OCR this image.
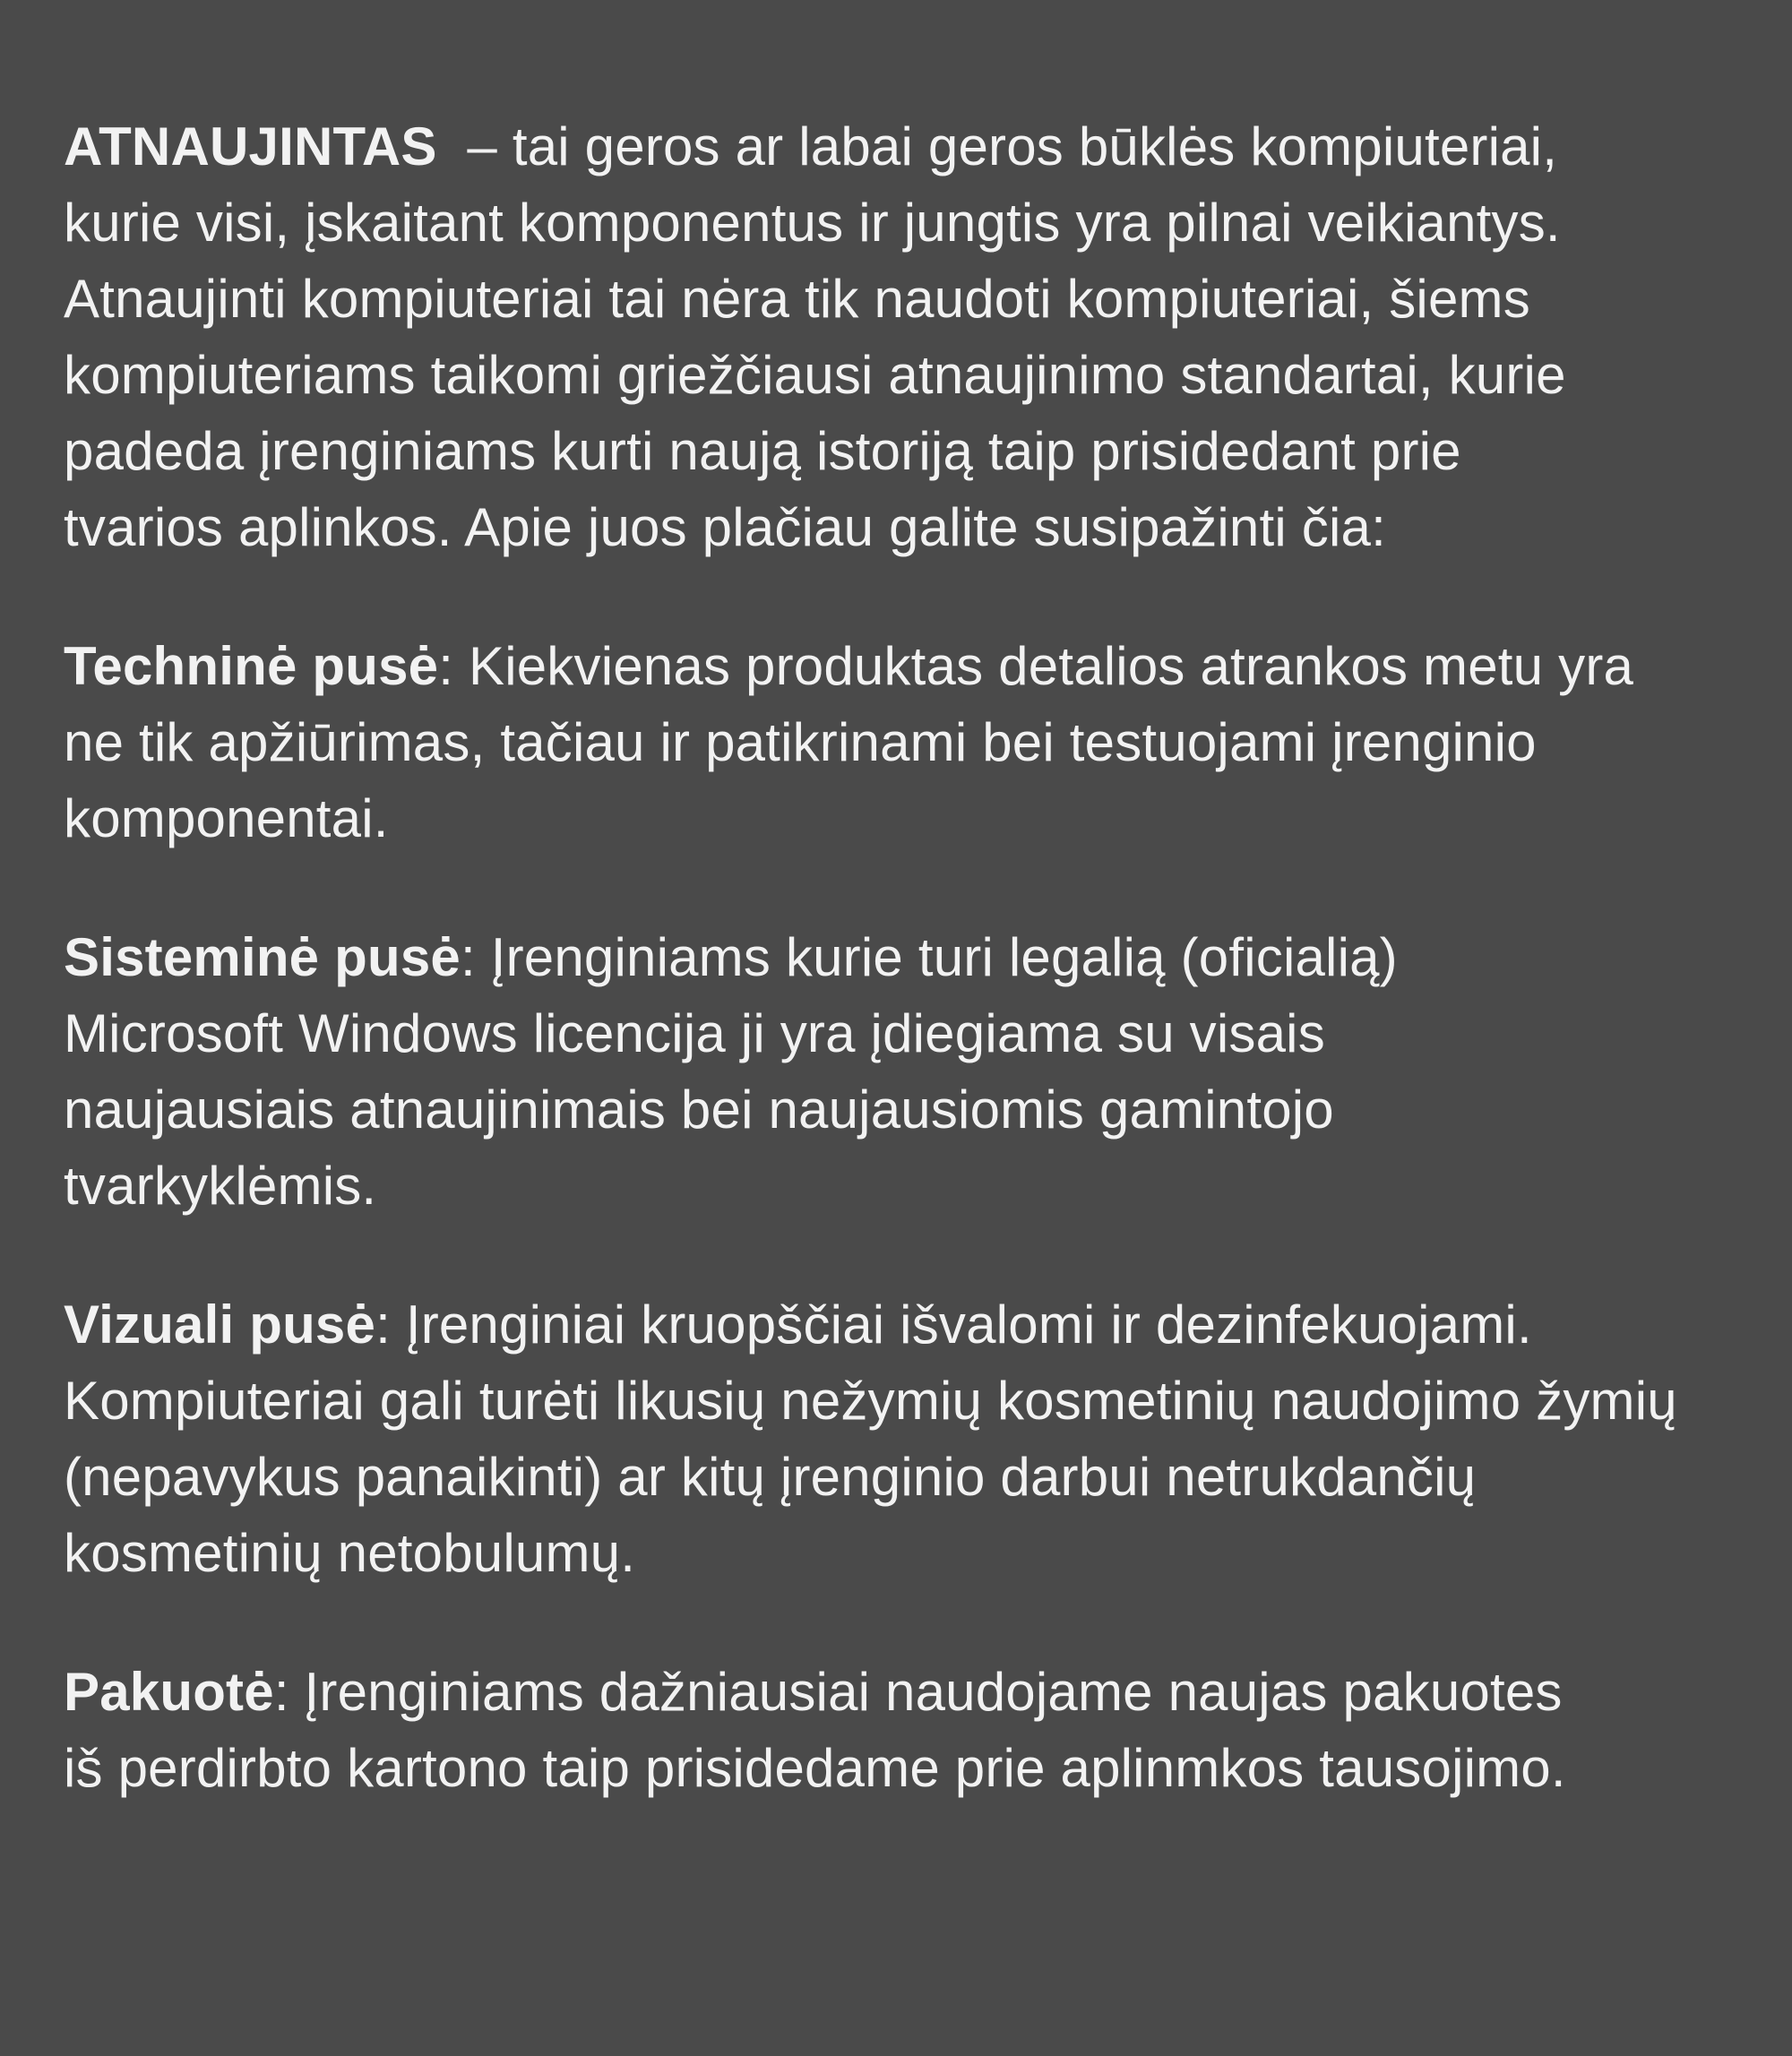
ATNAUJINTAS  – tai geros ar labai geros būklės kompiuteriai,
kurie visi, įskaitant komponentus ir jungtis yra pilnai veikiantys.
Atnaujinti kompiuteriai tai nėra tik naudoti kompiuteriai, šiems
kompiuteriams taikomi griežčiausi atnaujinimo standartai, kurie
padeda įrenginiams kurti naują istoriją taip prisidedant prie
tvarios aplinkos. Apie juos plačiau galite susipažinti čia:

Techninė pusė: Kiekvienas produktas detalios atrankos metu yra
ne tik apžiūrimas, tačiau ir patikrinami bei testuojami įrenginio
komponentai.

Sisteminė pusė: Įrenginiams kurie turi legalią (oficialią)
Microsoft Windows licencija ji yra įdiegiama su visais
naujausiais atnaujinimais bei naujausiomis gamintojo
tvarkyklėmis.

Vizuali pusė: Įrenginiai kruopščiai išvalomi ir dezinfekuojami.
Kompiuteriai gali turėti likusių nežymių kosmetinių naudojimo žymių
(nepavykus panaikinti) ar kitų įrenginio darbui netrukdančių
kosmetinių netobulumų.

Pakuotė: Įrenginiams dažniausiai naudojame naujas pakuotes
iš perdirbto kartono taip prisidedame prie aplinmkos tausojimo.
